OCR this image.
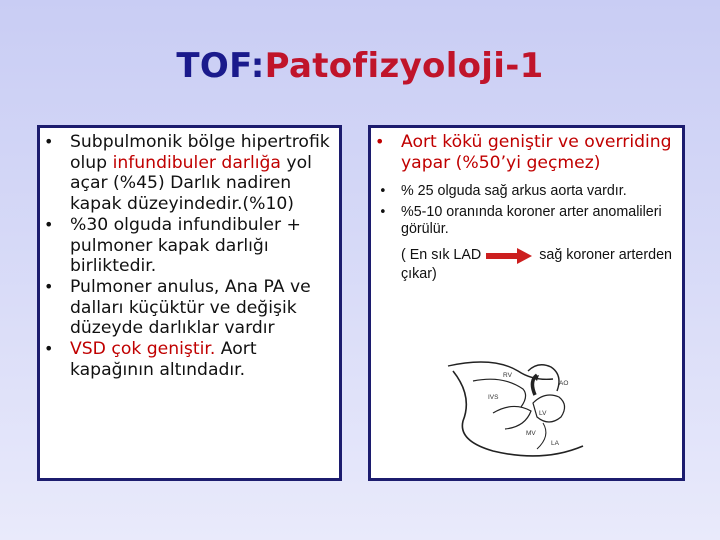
TOF:Patofizyoloji-1
• Subpulmonik bölge hipertrofik olup infundibuler darlığa yol açar (%45) Darlık nadiren kapak düzeyindedir.(%10)
• %30 olguda infundibuler + pulmoner kapak darlığı birliktedir.
• Pulmoner anulus, Ana PA ve dalları küçüktür ve değişik düzeyde darlıklar vardır
• VSD çok geniştir. Aort kapağının altındadır.
• Aort kökü geniştir ve overriding yapar (%50’yi geçmez)
• % 25 olguda sağ arkus aorta vardır.
• %5-10 oranında koroner arter anomalileri görülür.
( En sık LAD	sağ koroner arterden çıkar)
RV
IVS
AO
LV
MV
LA
